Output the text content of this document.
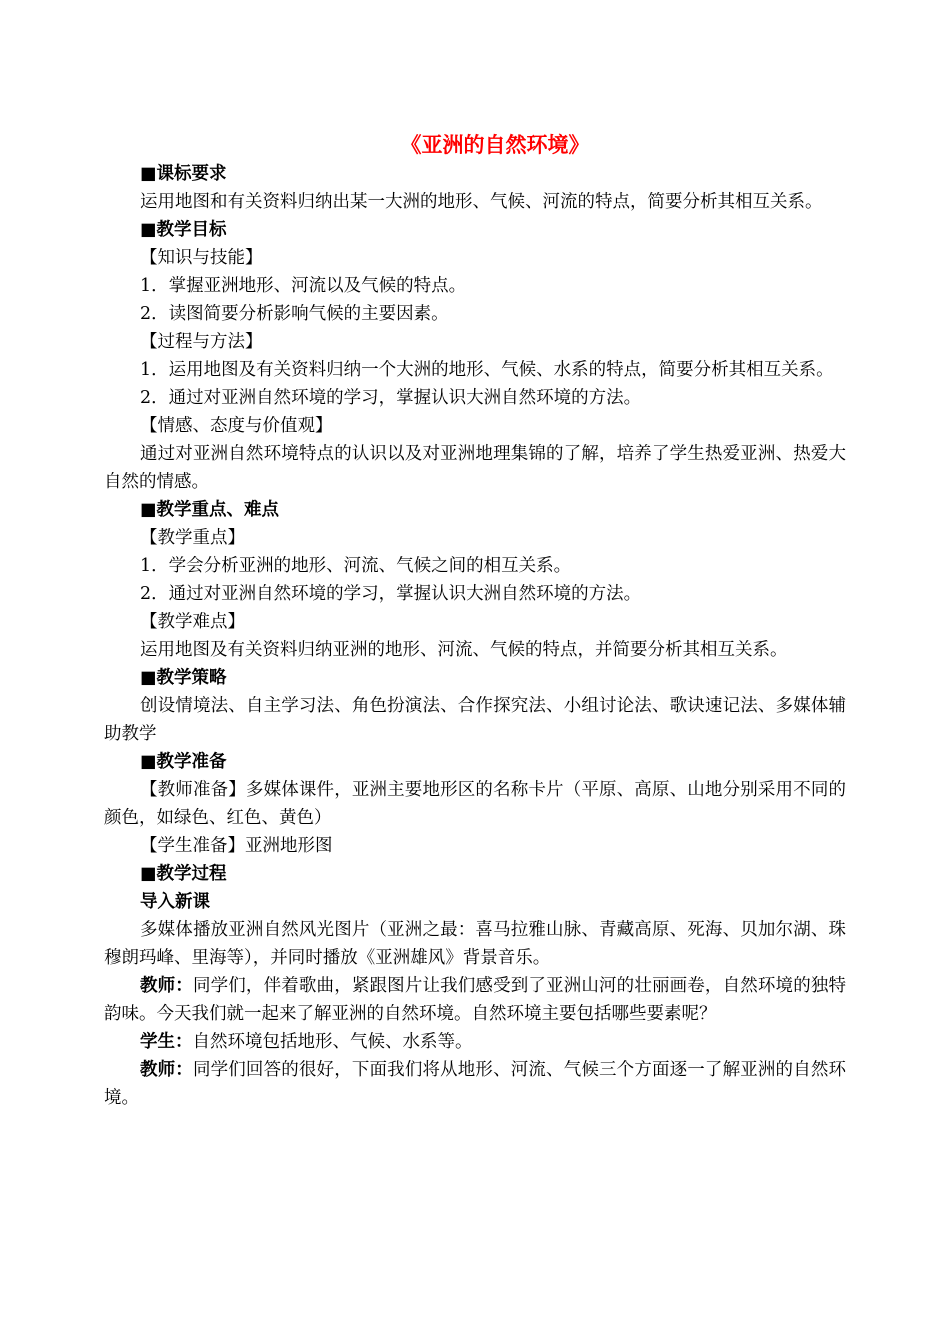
《亚洲的自然环境》
■课标要求
运用地图和有关资料归纳出某一大洲的地形、气候、河流的特点，简要分析其相互关系。
■教学目标
【知识与技能】
1．掌握亚洲地形、河流以及气候的特点。
2．读图简要分析影响气候的主要因素。
【过程与方法】
1．运用地图及有关资料归纳一个大洲的地形、气候、水系的特点，简要分析其相互关系。
2．通过对亚洲自然环境的学习，掌握认识大洲自然环境的方法。
【情感、态度与价值观】
通过对亚洲自然环境特点的认识以及对亚洲地理集锦的了解，培养了学生热爱亚洲、热爱大自然的情感。
■教学重点、难点
【教学重点】
1．学会分析亚洲的地形、河流、气候之间的相互关系。
2．通过对亚洲自然环境的学习，掌握认识大洲自然环境的方法。
【教学难点】
运用地图及有关资料归纳亚洲的地形、河流、气候的特点，并简要分析其相互关系。
■教学策略
创设情境法、自主学习法、角色扮演法、合作探究法、小组讨论法、歌诀速记法、多媒体辅助教学
■教学准备
【教师准备】多媒体课件，亚洲主要地形区的名称卡片（平原、高原、山地分别采用不同的颜色，如绿色、红色、黄色）
【学生准备】亚洲地形图
■教学过程
导入新课
多媒体播放亚洲自然风光图片（亚洲之最：喜马拉雅山脉、青藏高原、死海、贝加尔湖、珠穆朗玛峰、里海等），并同时播放《亚洲雄风》背景音乐。
教师：同学们，伴着歌曲，紧跟图片让我们感受到了亚洲山河的壮丽画卷，自然环境的独特韵味。今天我们就一起来了解亚洲的自然环境。自然环境主要包括哪些要素呢？
学生：自然环境包括地形、气候、水系等。
教师：同学们回答的很好，下面我们将从地形、河流、气候三个方面逐一了解亚洲的自然环境。
